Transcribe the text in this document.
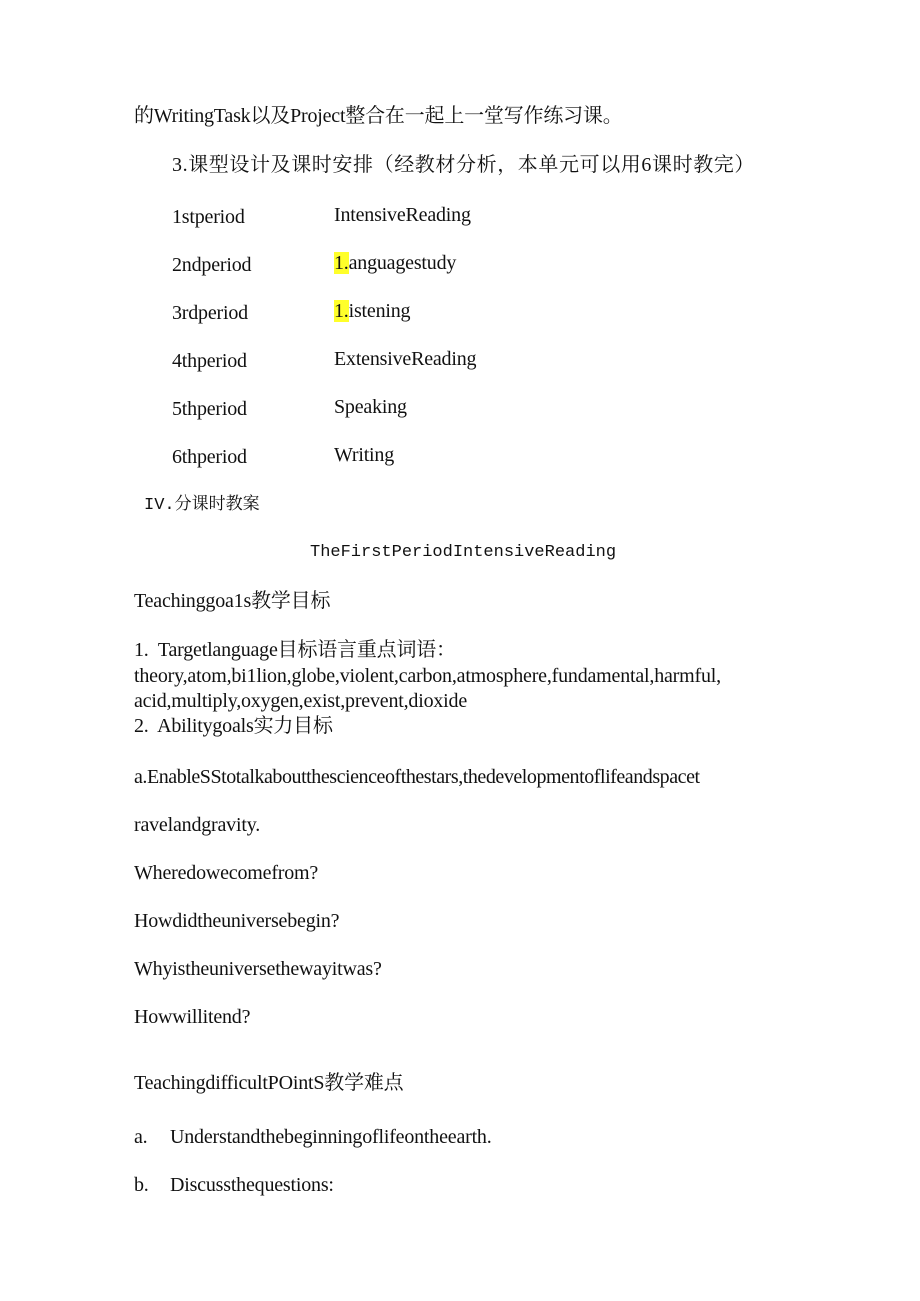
的WritingTask以及Project整合在一起上一堂写作练习课。
3.课型设计及课时安排（经教材分析，本单元可以用6课时教完）
1stperiod	IntensiveReading
2ndperiod	1.anguagestudy
3rdperiod	1.istening
4thperiod	ExtensiveReading
5thperiod	Speaking
6thperiod	Writing
IV.分课时教案
TheFirstPeriodIntensiveReading
Teachinggoa1s教学目标
1.  Targetlanguage目标语言重点词语：
theory,atom,bi1lion,globe,violent,carbon,atmosphere,fundamental,harmful,
acid,multiply,oxygen,exist,prevent,dioxide
2.  Abilitygoals实力目标
a.EnableSStotalkaboutthescienceofthestars,thedevelopmentoflifeandspacet
ravelandgravity.
Wheredowecomefrom?
Howdidtheuniversebegin?
Whyistheuniversethewayitwas?
Howwillitend?
TeachingdifficultPOintS教学难点
a. Understandthebeginningoflifeontheearth.
b. Discussthequestions:
